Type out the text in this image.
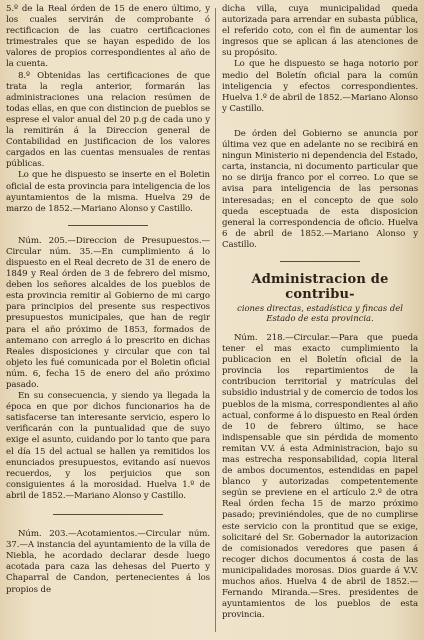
5.º de la Real órden de 15 de enero último, y los cuales servirán de comprobante ó rectificacion de las cuatro certificaciones trimestrales que se hayan espedido de los valores de propios correspondientes al año de la cuenta.

8.º Obtenidas las certificaciones de que trata la regla anterior, formarán las administraciones una relacion resúmen de todas ellas, en que con distincion de pueblos se esprese el valor anual del 20 p.g de cada uno y la remitirán á la Direccion general de Contabilidad en justificacion de los valores cargados en las cuentas mensuales de rentas públicas.

Lo que he dispuesto se inserte en el Boletin oficial de esta provincia para inteligencia de los ayuntamientos de la misma. Huelva 29 de marzo de 1852.—Mariano Alonso y Castillo.

Núm. 205.—Direccion de Presupuestos.—Circular núm. 35.—En cumplimiento á lo dispuesto en el Real decreto de 31 de enero de 1849 y Real órden de 3 de febrero del mismo, deben los señores alcaldes de los pueblos de esta provincia remitir al Gobierno de mi cargo para principios del presente sus respectivos presupuestos municipales, que han de regir para el año próximo de 1853, formados de antemano con arreglo á lo prescrito en dichas Reales disposiciones y circular que con tal objeto les fué comunicada por el Boletin oficial núm. 6, fecha 15 de enero del año próximo pasado.

En su consecuencia, y siendo ya llegada la época en que por dichos funcionarios ha de satisfacerse tan interesante servicio, espero lo verificarán con la puntualidad que de suyo exige el asunto, cuidando por lo tanto que para el día 15 del actual se hallen ya remitidos los enunciados presupuestos, evitando así nuevos recuerdos, y los perjuicios que son consiguientes á la morosidad. Huelva 1.º de abril de 1852.—Mariano Alonso y Castillo.

Núm. 203.—Acotamientos.—Circular núm. 37.—A instancia del ayuntamiento de la villa de Niebla, he acordado declarar desde luego acotada para caza las dehesas del Puerto y Chaparral de Candon, pertenecientes á los propios de

dicha villa, cuya municipalidad queda autorizada para arrendar en subasta pública, el referido coto, con el fin de aumentar los ingresos que se aplican á las atenciones de su propósito.

Lo que he dispuesto se haga notorio por medio del Boletín oficial para la común inteligencia y efectos correspondientes. Huelva 1.º de abril de 1852.—Mariano Alonso y Castillo.

De órden del Gobierno se anuncia por última vez que en adelante no se recibirá en ningun Ministerio ni dependencia del Estado, carta, instancia, ni documento particular que no se dirija franco por el correo. Lo que se avisa para inteligencia de las personas interesadas; en el concepto de que solo queda esceptuada de esta disposicion general la correspondencia de oficio. Huelva 6 de abril de 1852.—Mariano Alonso y Castillo.

Administracion de contribu-
ciones directas, estadística y fincas del Estado de esta provincia.

Núm. 218.—Circular.—Para que pueda tener el mas exacto cumplimiento la publicacion en el Boletín oficial de la provincia los repartimientos de la contribucion territorial y matrículas del subsidio industrial y de comercio de todos los pueblos de la misma, correspondientes al año actual, conforme á lo dispuesto en Real órden de 10 de febrero último, se hace indispensable que sin pérdida de momento remitan V.V. á esta Administracion, bajo su mas estrecha responsabilidad, copia literal de ambos documentos, estendidas en papel blanco y autorizadas competentemente según se previene en el artículo 2.º de otra Real órden fecha 15 de marzo próximo pasado; previniéndoles, que de no cumplirse este servicio con la prontitud que se exige, solicitaré del Sr. Gobernador la autorizacion de comisionados veredores que pasen á recoger dichos documentos á costa de las municipalidades morosas. Dios guarde á V.V. muchos años. Huelva 4 de abril de 1852.—Fernando Miranda.—Sres. presidentes de ayuntamientos de los pueblos de esta provincia.
